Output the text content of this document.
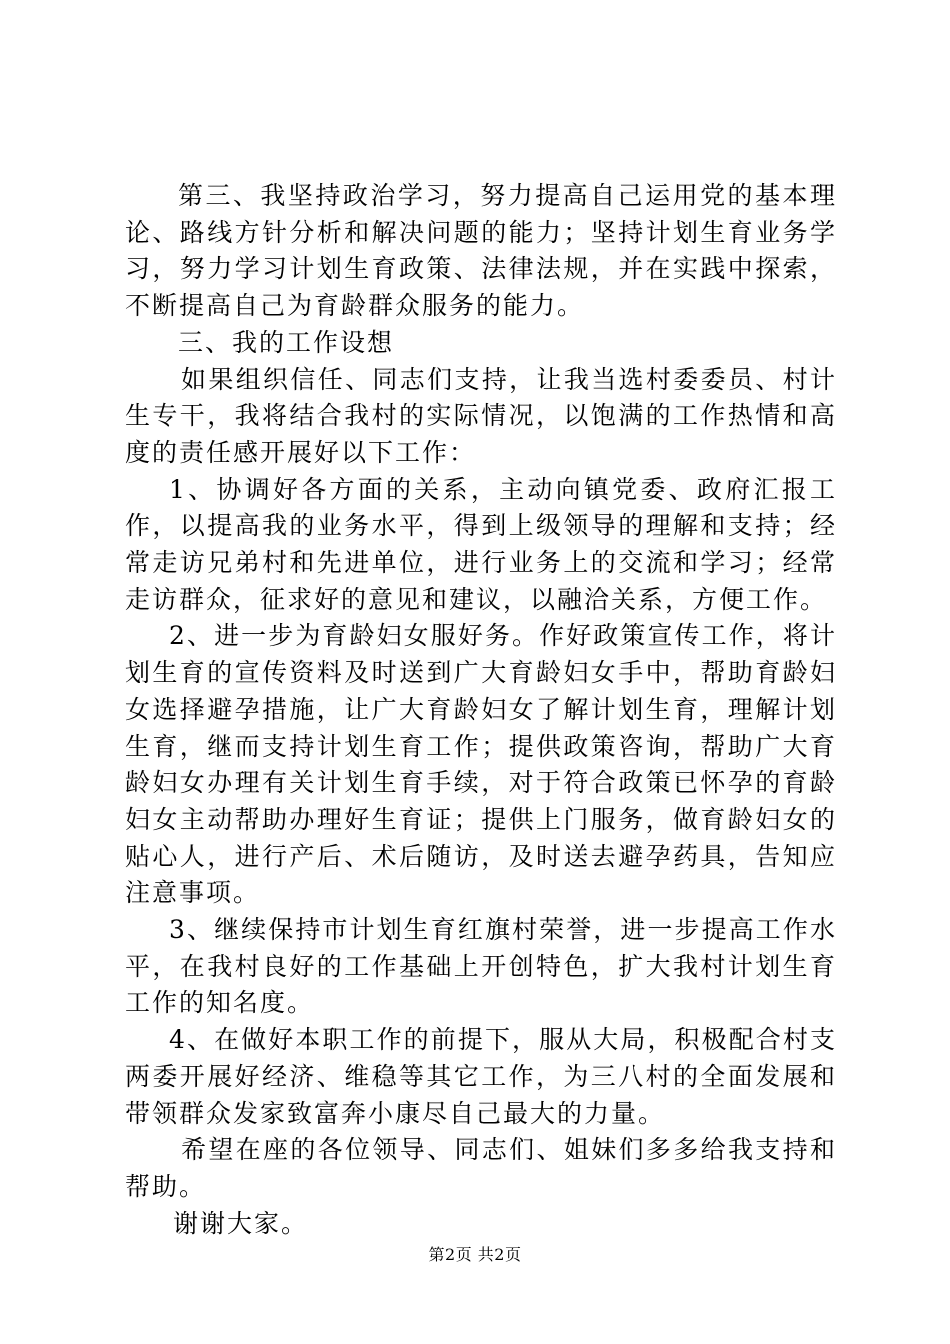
第三、我坚持政治学习，努力提高自己运用党的基本理论、路线方针分析和解决问题的能力；坚持计划生育业务学习，努力学习计划生育政策、法律法规，并在实践中探索，不断提高自己为育龄群众服务的能力。

三、我的工作设想

如果组织信任、同志们支持，让我当选村委委员、村计生专干，我将结合我村的实际情况，以饱满的工作热情和高度的责任感开展好以下工作：

1、协调好各方面的关系，主动向镇党委、政府汇报工作，以提高我的业务水平，得到上级领导的理解和支持；经常走访兄弟村和先进单位，进行业务上的交流和学习；经常走访群众，征求好的意见和建议，以融洽关系，方便工作。

2、进一步为育龄妇女服好务。作好政策宣传工作，将计划生育的宣传资料及时送到广大育龄妇女手中，帮助育龄妇女选择避孕措施，让广大育龄妇女了解计划生育，理解计划生育，继而支持计划生育工作；提供政策咨询，帮助广大育龄妇女办理有关计划生育手续，对于符合政策已怀孕的育龄妇女主动帮助办理好生育证；提供上门服务，做育龄妇女的贴心人，进行产后、术后随访，及时送去避孕药具，告知应注意事项。

3、继续保持市计划生育红旗村荣誉，进一步提高工作水平，在我村良好的工作基础上开创特色，扩大我村计划生育工作的知名度。

4、在做好本职工作的前提下，服从大局，积极配合村支两委开展好经济、维稳等其它工作，为三八村的全面发展和带领群众发家致富奔小康尽自己最大的力量。

希望在座的各位领导、同志们、姐妹们多多给我支持和帮助。

谢谢大家。

第2页 共2页
